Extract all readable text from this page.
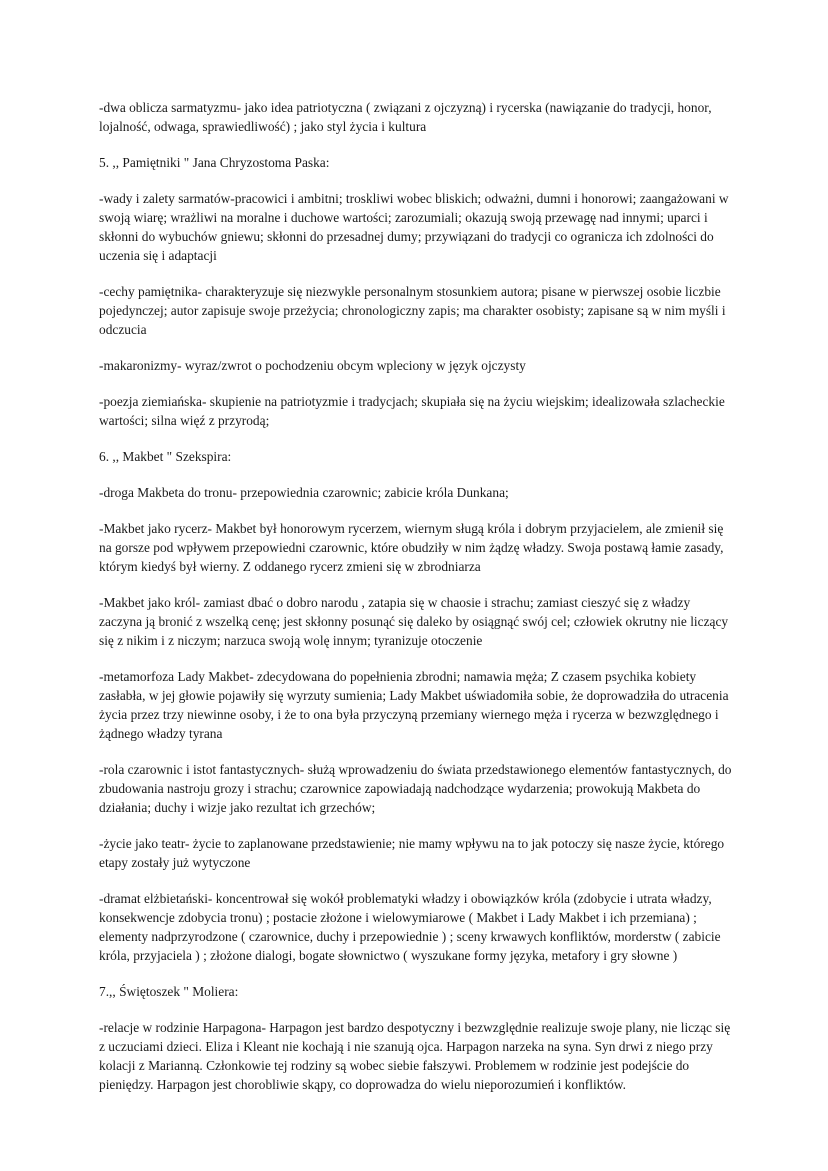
-dwa oblicza sarmatyzmu- jako idea patriotyczna ( związani z ojczyzną) i rycerska (nawiązanie do tradycji, honor, lojalność, odwaga, sprawiedliwość) ; jako styl życia i kultura

5. ,, Pamiętniki " Jana Chryzostoma Paska:

-wady i zalety sarmatów-pracowici i ambitni; troskliwi wobec bliskich; odważni, dumni i honorowi; zaangażowani w swoją wiarę; wrażliwi na moralne i duchowe wartości; zarozumiali; okazują swoją przewagę nad innymi; uparci i skłonni do wybuchów gniewu; skłonni do przesadnej dumy; przywiązani do tradycji co ogranicza ich zdolności do uczenia się i adaptacji

-cechy pamiętnika- charakteryzuje się niezwykle personalnym stosunkiem autora; pisane w pierwszej osobie liczbie pojedynczej; autor zapisuje swoje przeżycia; chronologiczny zapis; ma charakter osobisty; zapisane są w nim myśli i odczucia

-makaronizmy- wyraz/zwrot o pochodzeniu obcym wpleciony w język ojczysty

-poezja ziemiańska- skupienie na patriotyzmie i tradycjach; skupiała się na życiu wiejskim; idealizowała szlacheckie wartości; silna więź z przyrodą;

6. ,, Makbet " Szekspira:

-droga Makbeta do tronu- przepowiednia czarownic; zabicie króla Dunkana;

-Makbet jako rycerz- Makbet był honorowym rycerzem, wiernym sługą króla i dobrym przyjacielem, ale zmienił się na gorsze pod wpływem przepowiedni czarownic, które obudziły w nim żądzę władzy. Swoja postawą łamie zasady, którym kiedyś był wierny. Z oddanego rycerz zmieni się w zbrodniarza

-Makbet jako król- zamiast dbać o dobro narodu , zatapia się w chaosie i strachu; zamiast cieszyć się z władzy zaczyna ją bronić z wszelką cenę; jest skłonny posunąć się daleko by osiągnąć swój cel; człowiek okrutny nie liczący się z nikim i z niczym; narzuca swoją wolę innym; tyranizuje otoczenie

-metamorfoza Lady Makbet- zdecydowana do popełnienia zbrodni; namawia męża; Z czasem psychika kobiety zasłabła, w jej głowie pojawiły się wyrzuty sumienia; Lady Makbet uświadomiła sobie, że doprowadziła do utracenia życia przez trzy niewinne osoby, i że to ona była przyczyną przemiany wiernego męża i rycerza w bezwzględnego i żądnego władzy tyrana

-rola czarownic i istot fantastycznych- służą wprowadzeniu do świata przedstawionego elementów fantastycznych, do zbudowania nastroju grozy i strachu; czarownice zapowiadają nadchodzące wydarzenia; prowokują Makbeta do działania; duchy i wizje jako rezultat ich grzechów;

-życie jako teatr- życie to zaplanowane przedstawienie; nie mamy wpływu na to jak potoczy się nasze życie, którego etapy zostały już wytyczone

-dramat elżbietański- koncentrował się wokół problematyki władzy i obowiązków króla (zdobycie i utrata władzy, konsekwencje zdobycia tronu) ; postacie złożone i wielowymiarowe ( Makbet i Lady Makbet i ich przemiana) ; elementy nadprzyrodzone ( czarownice, duchy i przepowiednie ) ; sceny krwawych konfliktów, morderstw ( zabicie króla, przyjaciela ) ; złożone dialogi, bogate słownictwo ( wyszukane formy języka, metafory i gry słowne )

7.,, Świętoszek " Moliera:

-relacje w rodzinie Harpagona- Harpagon jest bardzo despotyczny i bezwzględnie realizuje swoje plany, nie licząc się z uczuciami dzieci. Eliza i Kleant nie kochają i nie szanują ojca. Harpagon narzeka na syna. Syn drwi z niego przy kolacji z Marianną. Członkowie tej rodziny są wobec siebie fałszywi. Problemem w rodzinie jest podejście do pieniędzy. Harpagon jest chorobliwie skąpy, co doprowadza do wielu nieporozumień i konfliktów.
